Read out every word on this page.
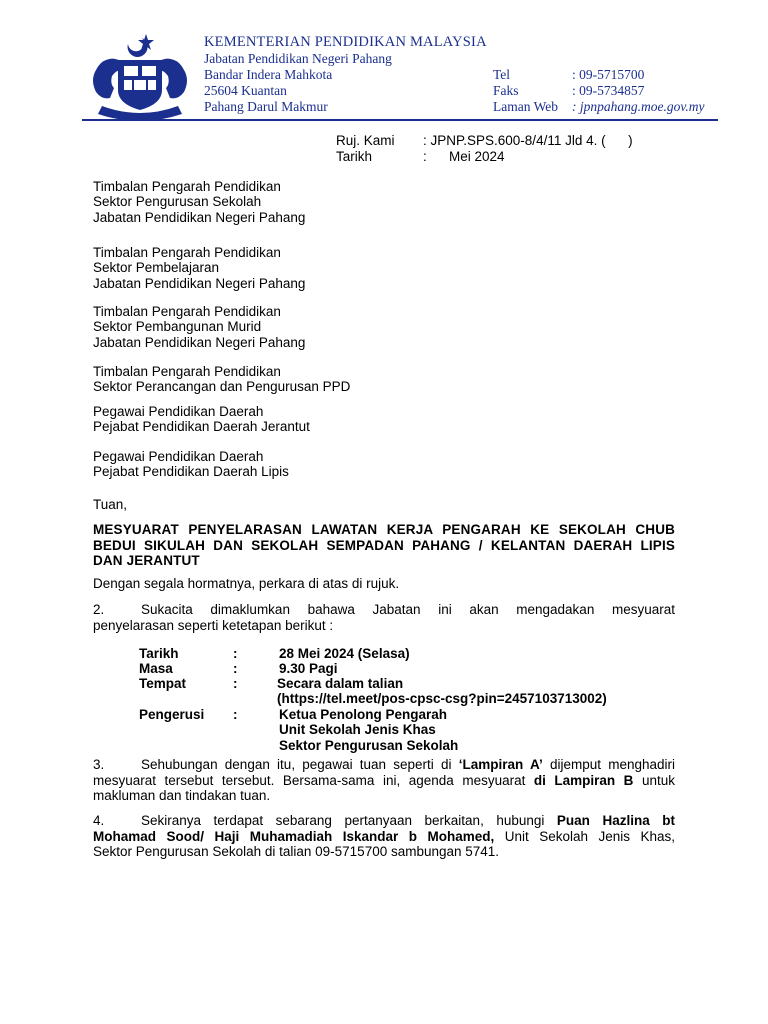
KEMENTERIAN PENDIDIKAN MALAYSIA
Jabatan Pendidikan Negeri Pahang
Bandar Indera Mahkota
25604 Kuantan
Pahang Darul Makmur
Tel	: 09-5715700
Faks	: 09-5734857
Laman Web : jpnpahang.moe.gov.my
Ruj. Kami : JPNP.SPS.600-8/4/11 Jld 4. (      )
Tarikh	: Mei 2024
Timbalan Pengarah Pendidikan
Sektor Pengurusan Sekolah
Jabatan Pendidikan Negeri Pahang
Timbalan Pengarah Pendidikan
Sektor Pembelajaran
Jabatan Pendidikan Negeri Pahang
Timbalan Pengarah Pendidikan
Sektor Pembangunan Murid
Jabatan Pendidikan Negeri Pahang
Timbalan Pengarah Pendidikan
Sektor Perancangan dan Pengurusan PPD
Pegawai Pendidikan Daerah
Pejabat Pendidikan Daerah Jerantut
Pegawai Pendidikan Daerah
Pejabat Pendidikan Daerah Lipis
Tuan,
MESYUARAT PENYELARASAN LAWATAN KERJA PENGARAH KE SEKOLAH CHUB
BEDUI SIKULAH DAN SEKOLAH SEMPADAN PAHANG / KELANTAN DAERAH LIPIS
DAN JERANTUT
Dengan segala hormatnya, perkara di atas di rujuk.
2.	Sukacita dimaklumkan bahawa Jabatan ini akan mengadakan mesyuarat
penyelarasan seperti ketetapan berikut :
Tarikh	:	28 Mei 2024 (Selasa)
Masa	:	9.30 Pagi
Tempat	:	Secara dalam talian
(https://tel.meet/pos-cpsc-csg?pin=2457103713002)
Pengerusi :	Ketua Penolong Pengarah
Unit Sekolah Jenis Khas
Sektor Pengurusan Sekolah
3.	Sehubungan dengan itu, pegawai tuan seperti di ‘Lampiran A’ dijemput menghadiri
mesyuarat tersebut tersebut. Bersama-sama ini, agenda mesyuarat di Lampiran B untuk
makluman dan tindakan tuan.
4.	Sekiranya terdapat sebarang pertanyaan berkaitan, hubungi Puan Hazlina bt
Mohamad Sood/ Haji Muhamadiah Iskandar b Mohamed, Unit Sekolah Jenis Khas,
Sektor Pengurusan Sekolah di talian 09-5715700 sambungan 5741.
